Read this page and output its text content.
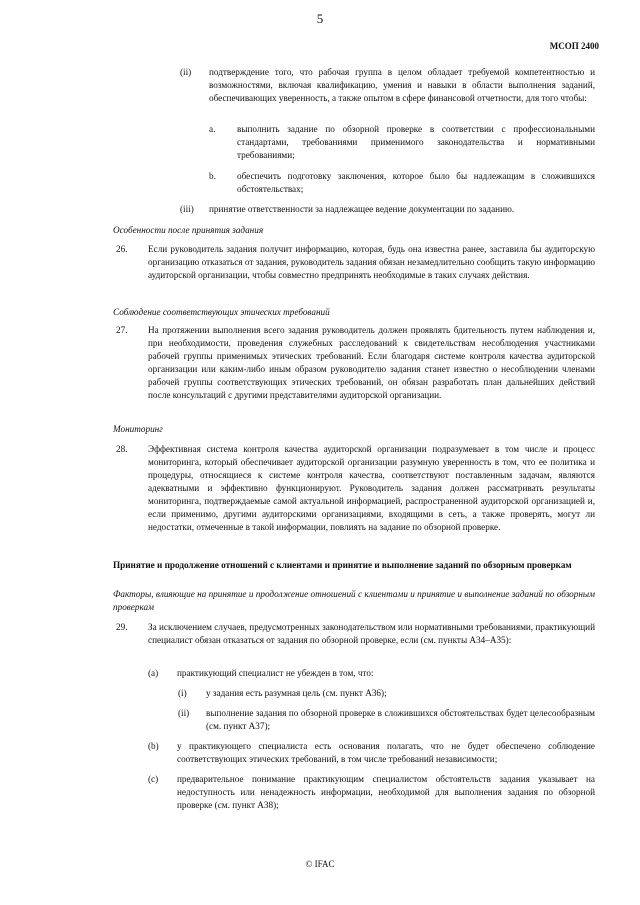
5
МСОП 2400
(ii) подтверждение того, что рабочая группа в целом обладает требуемой компетентностью и возможностями, включая квалификацию, умения и навыки в области выполнения заданий, обеспечивающих уверенность, а также опытом в сфере финансовой отчетности, для того чтобы:
a. выполнить задание по обзорной проверке в соответствии с профессиональными стандартами, требованиями применимого законодательства и нормативными требованиями;
b. обеспечить подготовку заключения, которое было бы надлежащим в сложившихся обстоятельствах;
(iii) принятие ответственности за надлежащее ведение документации по заданию.
Особенности после принятия задания
26. Если руководитель задания получит информацию, которая, будь она известна ранее, заставила бы аудиторскую организацию отказаться от задания, руководитель задания обязан незамедлительно сообщить такую информацию аудиторской организации, чтобы совместно предпринять необходимые в таких случаях действия.
Соблюдение соответствующих этических требований
27. На протяжении выполнения всего задания руководитель должен проявлять бдительность путем наблюдения и, при необходимости, проведения служебных расследований к свидетельствам несоблюдения участниками рабочей группы применимых этических требований. Если благодаря системе контроля качества аудиторской организации или каким-либо иным образом руководителю задания станет известно о несоблюдении членами рабочей группы соответствующих этических требований, он обязан разработать план дальнейших действий после консультаций с другими представителями аудиторской организации.
Мониторинг
28. Эффективная система контроля качества аудиторской организации подразумевает в том числе и процесс мониторинга, который обеспечивает аудиторской организации разумную уверенность в том, что ее политика и процедуры, относящиеся к системе контроля качества, соответствуют поставленным задачам, являются адекватными и эффективно функционируют. Руководитель задания должен рассматривать результаты мониторинга, подтверждаемые самой актуальной информацией, распространенной аудиторской организацией и, если применимо, другими аудиторскими организациями, входящими в сеть, а также проверять, могут ли недостатки, отмеченные в такой информации, повлиять на задание по обзорной проверке.
Принятие и продолжение отношений с клиентами и принятие и выполнение заданий по обзорным проверкам
Факторы, влияющие на принятие и продолжение отношений с клиентами и принятие и выполнение заданий по обзорным проверкам
29. За исключением случаев, предусмотренных законодательством или нормативными требованиями, практикующий специалист обязан отказаться от задания по обзорной проверке, если (см. пункты А34–А35):
(a) практикующий специалист не убежден в том, что:
(i) у задания есть разумная цель (см. пункт А36);
(ii) выполнение задания по обзорной проверке в сложившихся обстоятельствах будет целесообразным (см. пункт А37);
(b) у практикующего специалиста есть основания полагать, что не будет обеспечено соблюдение соответствующих этических требований, в том числе требований независимости;
(c) предварительное понимание практикующим специалистом обстоятельств задания указывает на недоступность или ненадежность информации, необходимой для выполнения задания по обзорной проверке (см. пункт А38);
© IFAC
